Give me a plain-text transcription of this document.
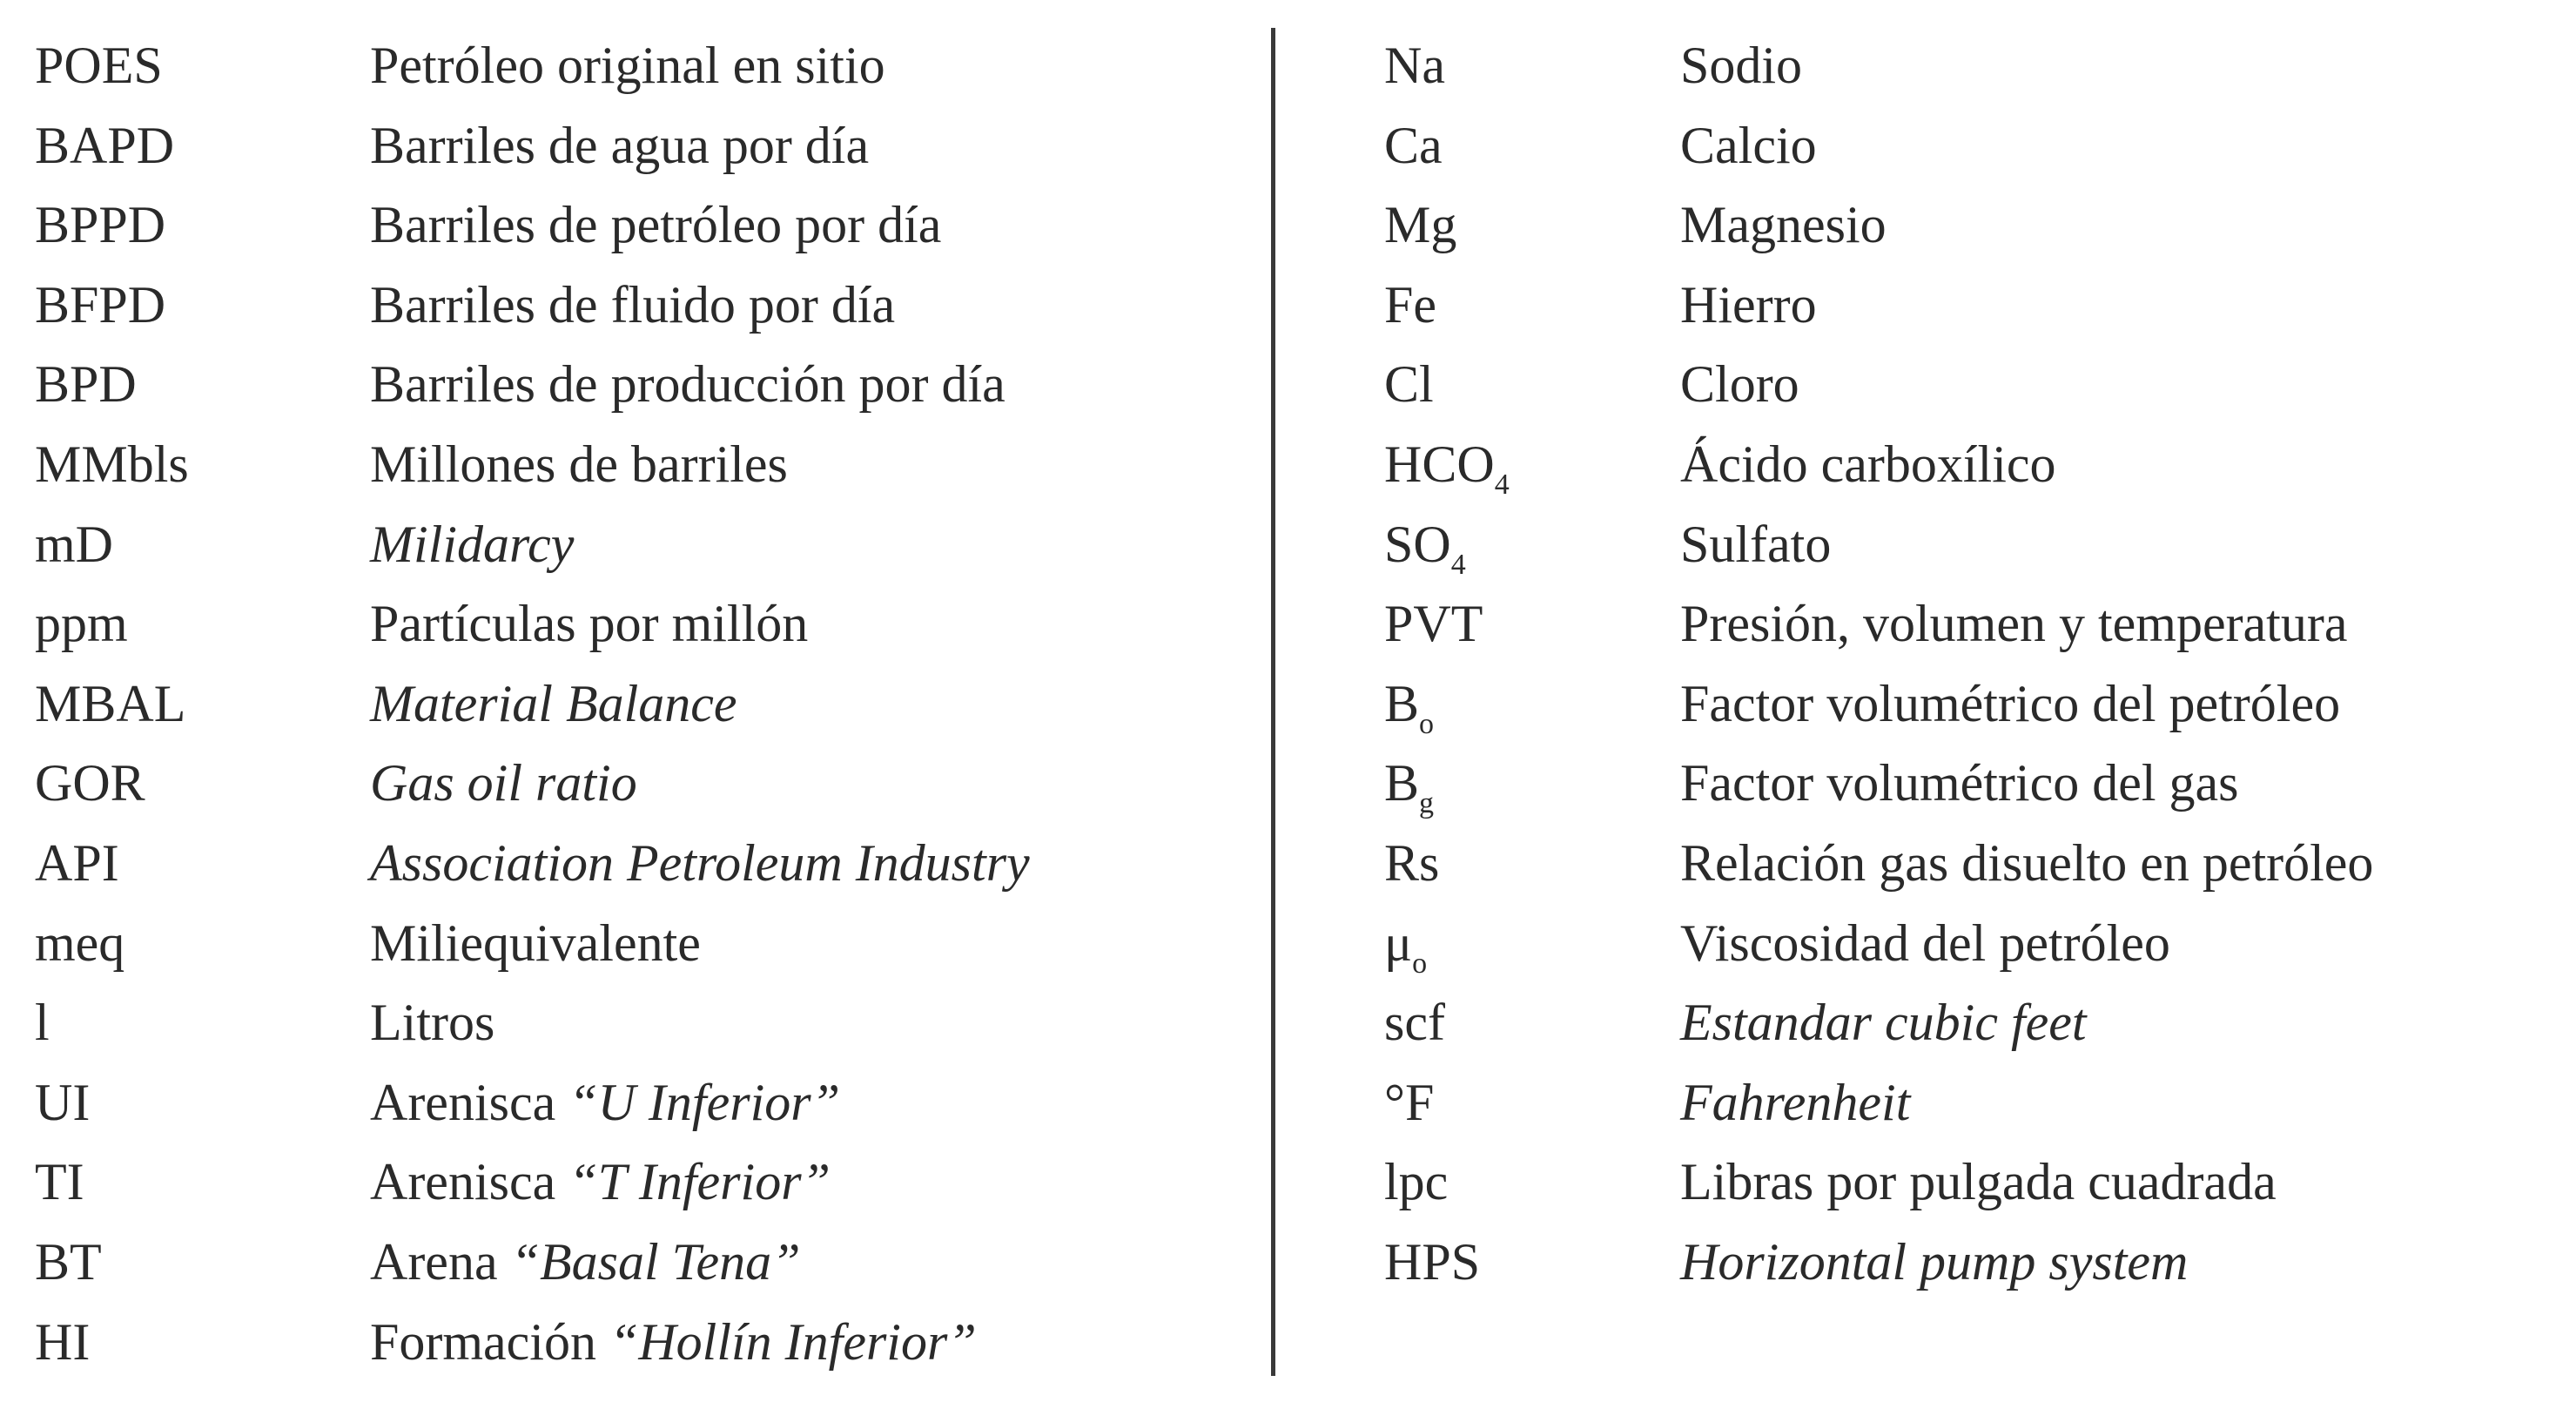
POES	Petróleo original en sitio
BAPD	Barriles de agua por día
BPPD	Barriles de petróleo por día
BFPD	Barriles de fluido por día
BPD	Barriles de producción por día
MMbls	Millones de barriles
mD	Milidarcy
ppm	Partículas por millón
MBAL	Material Balance
GOR	Gas oil ratio
API	Association Petroleum Industry
meq	Miliequivalente
l	Litros
UI	Arenisca “U Inferior”
TI	Arenisca “T Inferior”
BT	Arena “Basal Tena”
HI	Formación “Hollín Inferior”
Na	Sodio
Ca	Calcio
Mg	Magnesio
Fe	Hierro
Cl	Cloro
$HCO_4$	Ácido carboxílico
$SO_4$	Sulfato
PVT	Presión, volumen y temperatura
$B_o$	Factor volumétrico del petróleo
$B_g$	Factor volumétrico del gas
Rs	Relación gas disuelto en petróleo
$\mu_o$	Viscosidad del petróleo
scf	Estandar cubic feet
°F	Fahrenheit
lpc	Libras por pulgada cuadrada
HPS	Horizontal pump system
